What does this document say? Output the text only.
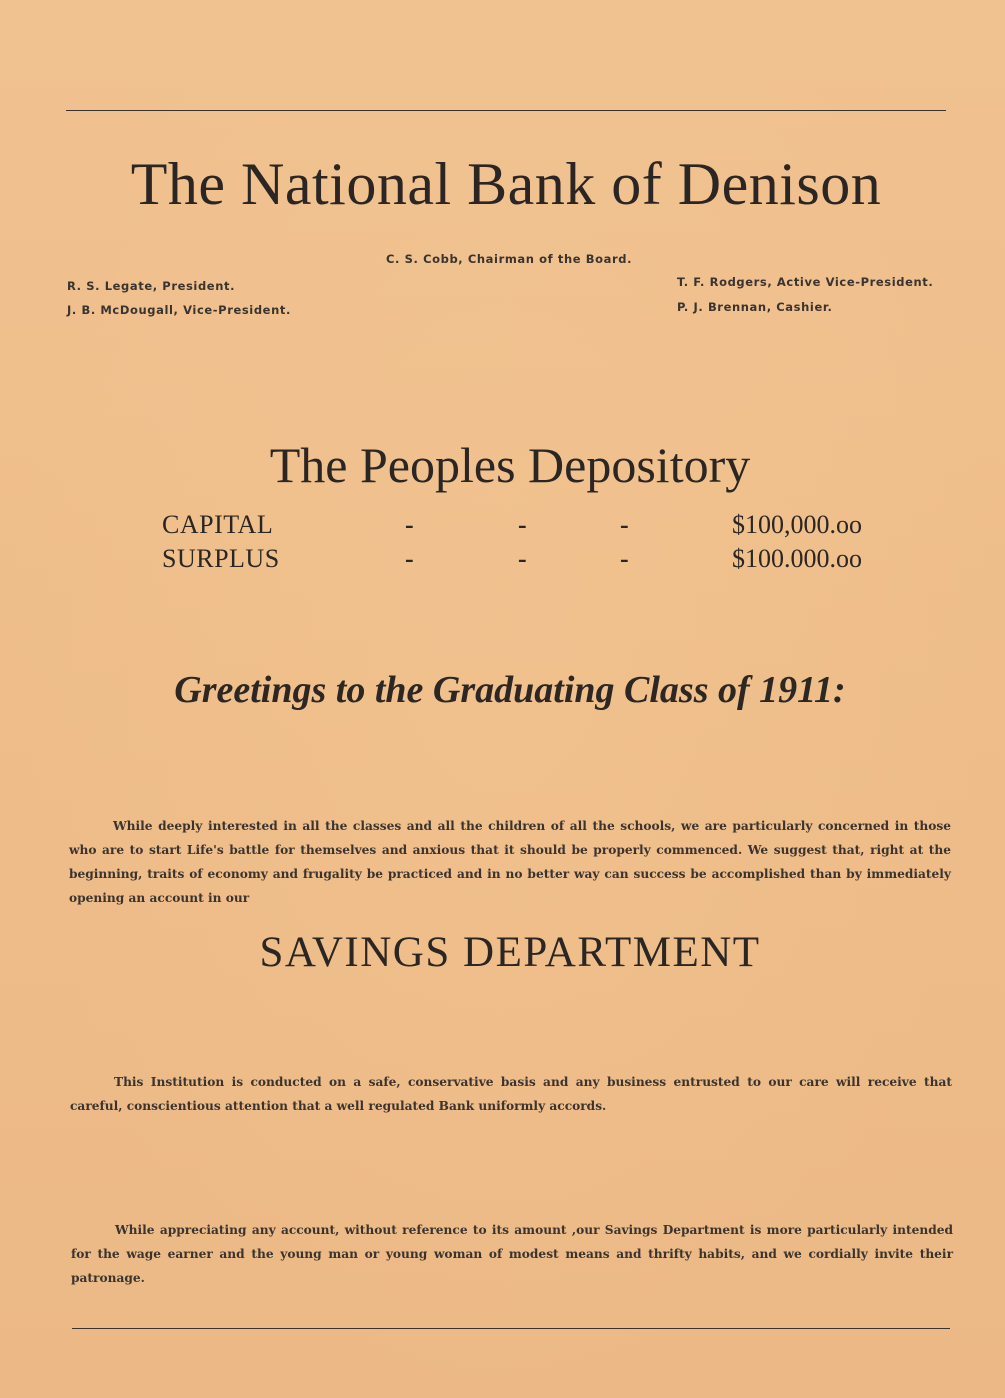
The National Bank of Denison
C. S. Cobb, Chairman of the Board.
R. S. Legate, President.
J. B. McDougall, Vice-President.
T. F. Rodgers, Active Vice-President.
P. J. Brennan, Cashier.
The Peoples Depository
CAPITAL	-	-	-	$100,000.oo
SURPLUS	-	-	-	$100.000.oo
Greetings to the Graduating Class of 1911:

While deeply interested in all the classes and all the children of all the schools, we are particularly concerned in those who are to start Life's battle for themselves and anxious that it should be properly commenced. We suggest that, right at the beginning, traits of economy and frugality be practiced and in no better way can success be accomplished than by immediately opening an account in our

SAVINGS DEPARTMENT

This Institution is conducted on a safe, conservative basis and any business entrusted to our care will receive that careful, conscientious attention that a well regulated Bank uniformly accords.

While appreciating any account, without reference to its amount ,our Savings Department is more particularly intended for the wage earner and the young man or young woman of modest means and thrifty habits, and we cordially invite their patronage.
